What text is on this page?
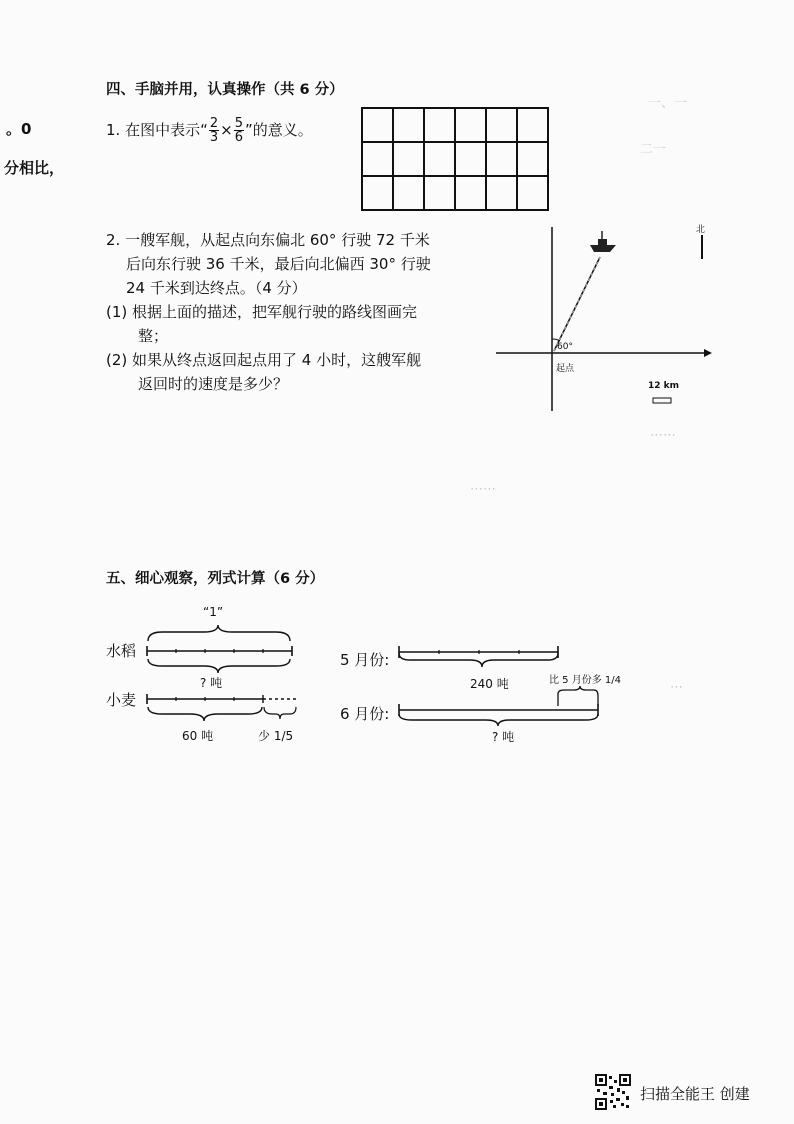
。0
分相比，
四、手脑并用，认真操作（共 6 分）
1. 在图中表示“ $\frac{2}{3} \times \frac{5}{6}$ ”的意义。

2. 一艘军舰，从起点向东偏北 60° 行驶 72 千米
后向东行驶 36 千米，最后向北偏西 30° 行驶
24 千米到达终点。（4 分）
(1) 根据上面的描述，把军舰行驶的路线图画完
整；
(2) 如果从终点返回起点用了 4 小时，这艘军舰
返回时的速度是多少？
北
60°
起点
12 km
一、一
二一
⋯⋯
⋯⋯
⋯
五、细心观察，列式计算（6 分）
“1”
水稻
? 吨
小麦
60 吨	少 1/5
5 月份:
240 吨	比 5 月份多 1/4
6 月份:
? 吨
扫描全能王 创建
